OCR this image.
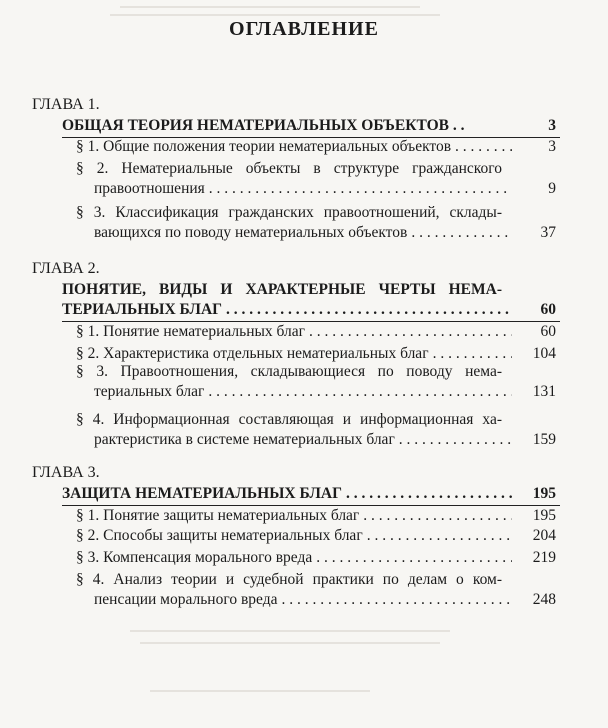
ОГЛАВЛЕНИЕ
ГЛАВА 1.
ОБЩАЯ ТЕОРИЯ НЕМАТЕРИАЛЬНЫХ ОБЪЕКТОВ . .	3
§ 1. Общие положения теории нематериальных объектов . . .	3
§ 2. Нематериальные объекты в структуре гражданского
правоотношения . . .	9
§ 3. Классификация гражданских правоотношений, склады-
вающихся по поводу нематериальных объектов . . .	37
ГЛАВА 2.
ПОНЯТИЕ, ВИДЫ И ХАРАКТЕРНЫЕ ЧЕРТЫ НЕМА-
ТЕРИАЛЬНЫХ БЛАГ . . .	60
§ 1. Понятие нематериальных благ . . .	60
§ 2. Характеристика отдельных нематериальных благ . . .	104
§ 3. Правоотношения, складывающиеся по поводу нема-
териальных благ . . .	131
§ 4. Информационная составляющая и информационная ха-
рактеристика в системе нематериальных благ . . .	159
ГЛАВА 3.
ЗАЩИТА НЕМАТЕРИАЛЬНЫХ БЛАГ . . .	195
§ 1. Понятие защиты нематериальных благ . . .	195
§ 2. Способы защиты нематериальных благ . . .	204
§ 3. Компенсация морального вреда . . .	219
§ 4. Анализ теории и судебной практики по делам о ком-
пенсации морального вреда . . .	248
